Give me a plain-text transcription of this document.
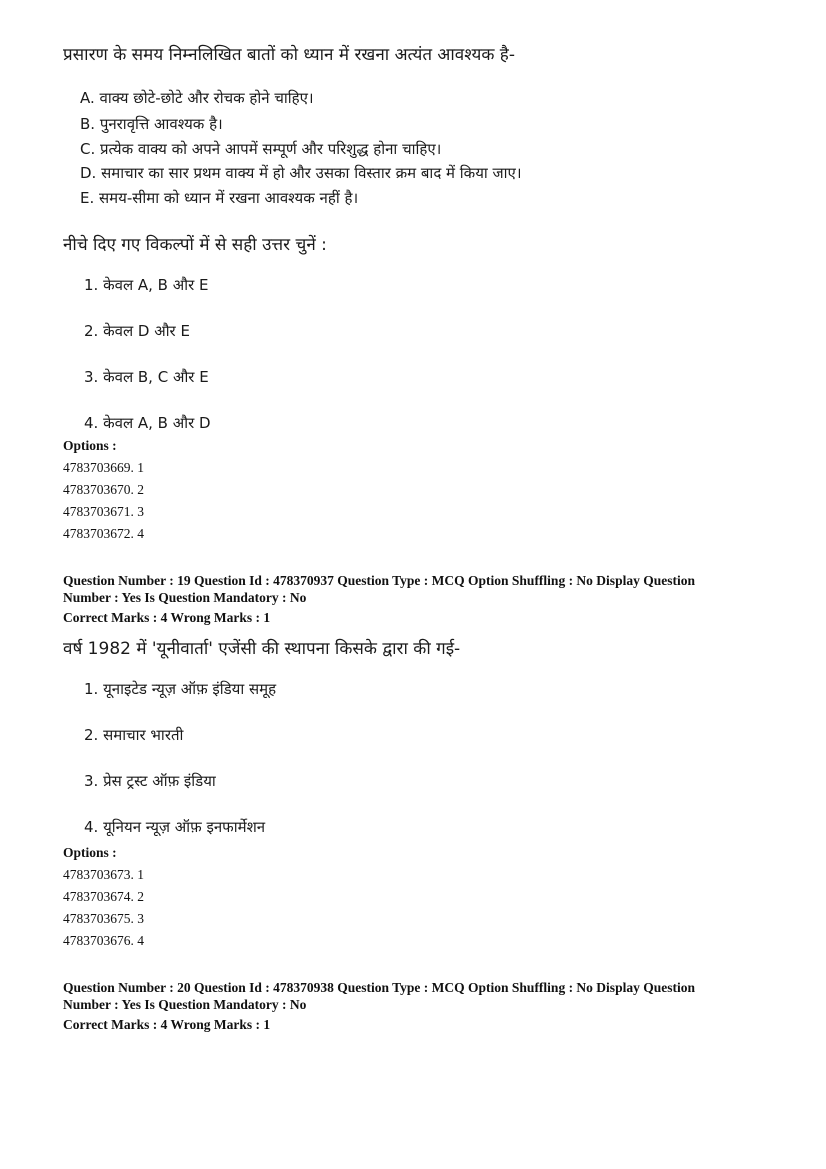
प्रसारण के समय निम्नलिखित बातों को ध्यान में रखना अत्यंत आवश्यक है-
A. वाक्य छोटे-छोटे और रोचक होने चाहिए।
B. पुनरावृत्ति आवश्यक है।
C. प्रत्येक वाक्य को अपने आपमें सम्पूर्ण और परिशुद्ध होना चाहिए।
D. समाचार का सार प्रथम वाक्य में हो और उसका विस्तार क्रम बाद में किया जाए।
E. समय-सीमा को ध्यान में रखना आवश्यक नहीं है।
नीचे दिए गए विकल्पों में से सही उत्तर चुनें :
1. केवल A, B और E
2. केवल D और E
3. केवल B, C और E
4. केवल A, B और D
Options :
4783703669. 1
4783703670. 2
4783703671. 3
4783703672. 4
Question Number : 19 Question Id : 478370937 Question Type : MCQ Option Shuffling : No Display Question
Number : Yes Is Question Mandatory : No
Correct Marks : 4 Wrong Marks : 1
वर्ष 1982 में 'यूनीवार्ता' एजेंसी की स्थापना किसके द्वारा की गई-
1. यूनाइटेड न्यूज़ ऑफ़ इंडिया समूह
2. समाचार भारती
3. प्रेस ट्रस्ट ऑफ़ इंडिया
4. यूनियन न्यूज़ ऑफ़ इनफार्मेशन
Options :
4783703673. 1
4783703674. 2
4783703675. 3
4783703676. 4
Question Number : 20 Question Id : 478370938 Question Type : MCQ Option Shuffling : No Display Question
Number : Yes Is Question Mandatory : No
Correct Marks : 4 Wrong Marks : 1
